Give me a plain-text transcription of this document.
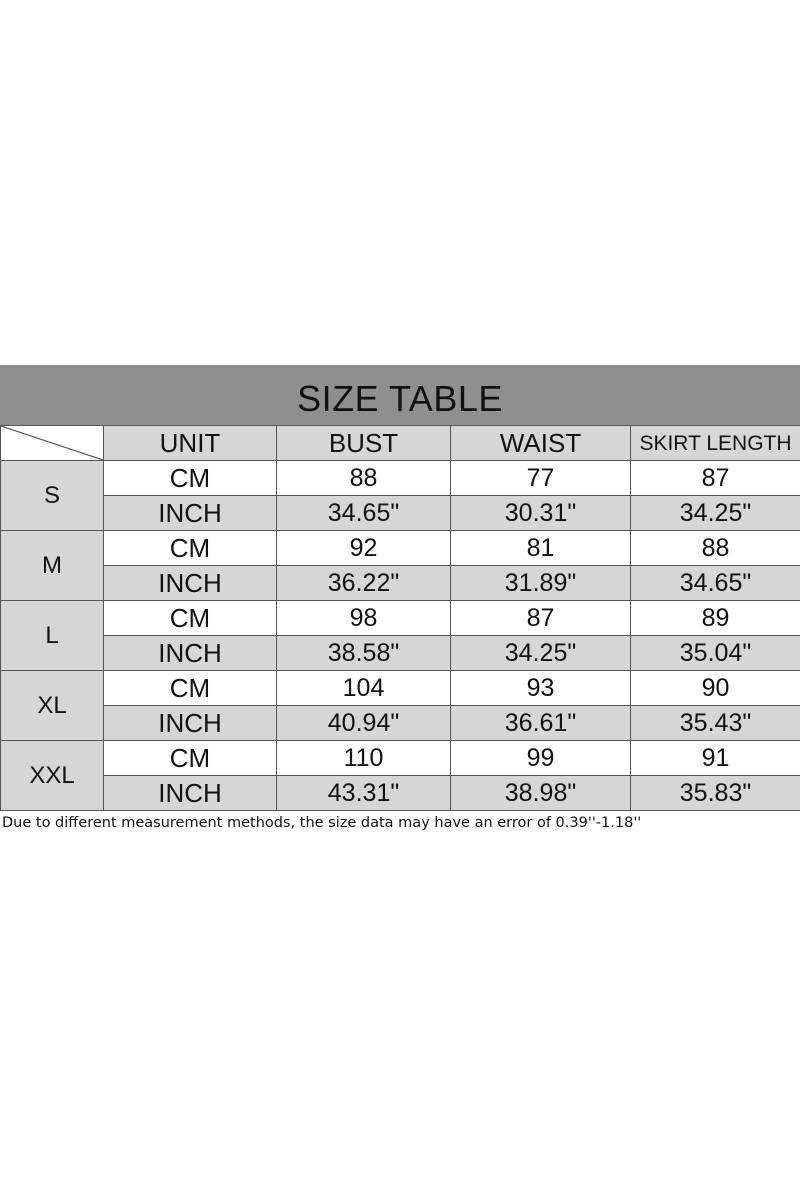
SIZE TABLE
	UNIT	BUST	WAIST	SKIRT LENGTH
S	CM	88	77	87
	INCH	34.65"	30.31"	34.25"
M	CM	92	81	88
	INCH	36.22"	31.89"	34.65"
L	CM	98	87	89
	INCH	38.58"	34.25"	35.04"
XL	CM	104	93	90
	INCH	40.94"	36.61"	35.43"
XXL	CM	110	99	91
	INCH	43.31"	38.98"	35.83"
Due to different measurement methods, the size data may have an error of 0.39''-1.18''
